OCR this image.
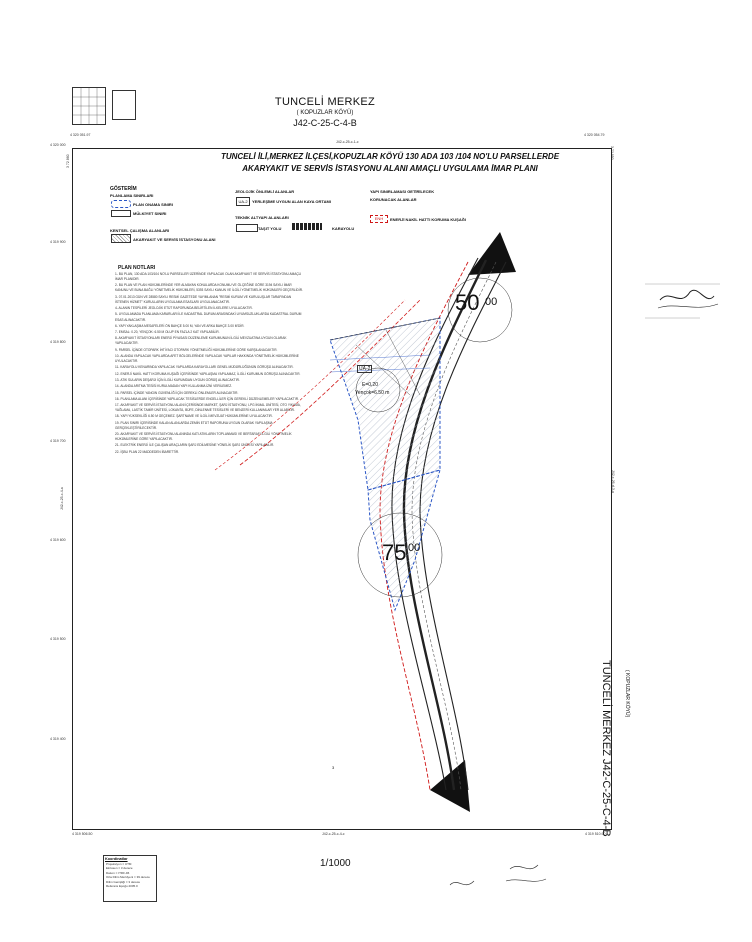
TUNCELİ MERKEZ
( KOPUZLAR KÖYÜ)
J42-C-25-C-4-B
4 320 051.97	4 320 054.79
J42-c-25-c-1-c
4 319 506.50	4 319 510.90
J42-c-25-c-4-c
J42-c-25-c-4-a
J42-c-26-d-3-a
4 320 000
4 319 900
4 319 800
4 319 700
4 319 600
4 319 500
4 319 400
3 72 860
3 72 950
TUNCELİ İLİ,MERKEZ İLÇESİ,KOPUZLAR KÖYÜ 130 ADA 103 /104 NO'LU PARSELLERDE
AKARYAKIT VE SERVİS İSTASYONU ALANI AMAÇLI UYGULAMA İMAR PLANI
GÖSTERİM
PLANLAMA SINIRLARI
PLAN ONAMA SINIRI
MÜLKİYET SINIRI
KENTSEL ÇALIŞMA ALANLARI
AKARYAKIT VE SERVİS İSTASYONU ALANI
JEOLOJİK ÖNLEMLİ ALANLAR
UA-2	YERLEŞİME UYGUN ALAN KAYA ORTAMI
TEKNİK ALTYAPI ALANLARI
TAŞIT YOLU	KARAYOLU
YAPI SINIRLAMASI GETİRİLECEK
KORUNACAK ALANLAR
ENH	ENERJİ NAKİL HATTI KORUMA KUŞAĞI
PLAN NOTLARI

1- BU PLAN, 130 ADA 103/104 NO'LU PARSELLER ÜZERİNDE YAPILACAK OLAN AKARYAKIT VE SERVİS İSTASYONU AMAÇLI İMAR PLANIDIR.

2- BU PLAN VE PLAN HÜKÜMLERİNDE YER ALMAYAN KONULARDA KONUMU VE ÖLÇEĞİNE GÖRE 3194 SAYILI İMAR KANUNU VE BUNA BAĞLI YÖNETMELİK HÜKÜMLERİ, 5393 SAYILI KANUN VE İLGİLİ YÖNETMELİK HÜKÜMLERİ GEÇERLİDİR.

3- 07.01.2013 GÜN VE 28580 SAYILI RESMİ GAZETEDE YAYIMLANAN "RESMİ KURUM VE KURULUŞLAR TARAFINDAN İSTENEN HİZMET" KURULLARIN UYGULAMA ESASLARI UYGULANACAKTIR.

4- ALANIN TESPİLERİ JEOLOJİK ETÜT RAPORUNDA BELİRTİLEN İLKELERE UYULACAKTIR.

5- UYGULAMADA PLANLAMA KARARLARI İLE KADASTRAL DURUM ARASINDAKİ UYUMSUZLUKLARDA KADASTRAL DURUM ESAS ALINACAKTIR.

6- YAPI YAKLAŞMA MESAFELERİ ÖN BAHÇE 5.00 M, YAN VE ARKA BAHÇE 3.00 M'DİR.

7- EMSAL: 0.20, YENÇOK: 6.50 M OLUP EN FAZLA 2 KAT YAPILABİLİR.

8- AKARYAKIT İSTASYONLARI ENERJİ PİYASASI DÜZENLEME KURUMUNUN İLGİLİ MEVZUATINA UYGUN OLARAK YAPILACAKTIR.

9- PARSEL İÇİNDE OTOPARK İHTİYACI OTOPARK YÖNETMELİĞİ HÜKÜMLERİNE GÖRE KARŞILANACAKTIR.

10- ALANDA YAPILACAK YAPILARDA AFET BÖLGELERİNDE YAPILACAK YAPILAR HAKKINDA YÖNETMELİK HÜKÜMLERİNE UYULACAKTIR.

11- KARAYOLU KENARINDA YAPILACAK YAPILARDA KARAYOLLARI GENEL MÜDÜRLÜĞÜNÜN GÖRÜŞÜ ALINACAKTIR.

12- ENERJİ NAKİL HATTI KORUMA KUŞAĞI İÇERİSİNDE YAPILAŞMA YAPILAMAZ, İLGİLİ KURUMUN GÖRÜŞÜ ALINACAKTIR.

13- ATIK SULARIN DEŞARJI İÇİN İLGİLİ KURUMDAN UYGUN GÖRÜŞ ALINACAKTIR.

14- ALANDA ARITMA TESİSİ KURULMADAN YAPI KULLANMA İZNİ VERİLEMEZ.

15- PARSEL İÇİNDE YANGIN GÜVENLİĞİ İÇİN GEREKLİ ÖNLEMLER ALINACAKTIR.

16- PLANLAMA ALANI İÇERİSİNDE YAPILACAK TESİSLERDE ENGELLİLER İÇİN GEREKLİ DÜZENLEMELER YAPILACAKTIR.

17- AKARYAKIT VE SERVİS İSTASYONU ALANI İÇERİSİNDE MARKET, ŞARJ İSTASYONU, LPG İKMAL ÜNİTESİ, OTO YIKAMA, YAĞLAMA, LASTİK TAMİR ÜNİTESİ, LOKANTA, BÜFE, DİNLENME TESİSLERİ VE BENZERİ KULLANIMLAR YER ALABİLİR.

18- YAPI YÜKSEKLİĞİ 6.50 M GEÇEMEZ. ŞARTNAME VE İLGİLİ MEVZUAT HÜKÜMLERİNE UYULACAKTIR.

19- PLAN SINIRI İÇERİSİNDE KALAN ALANLARDA ZEMİN ETÜT RAPORUNA UYGUN OLARAK YAPILAŞMA GERÇEKLEŞTİRİLECEKTİR.

20- AKARYAKIT VE SERVİS İSTASYONU ALANINDA KATI ATIKLARIN TOPLANMASI VE BERTARAFI İLGİLİ YÖNETMELİK HÜKÜMLERİNE GÖRE YAPILACAKTIR.

21- ELEKTRİK ENERJİ İLE ÇALIŞAN ARAÇLARIN ŞARJ EDİLMESİNE YÖNELİK ŞARJ ÜNİTESİ YAPILABİLİR.

22- İŞBU PLAN 22 MADDEDEN İBARETTİR.

50 00
75 00
UA-2
E=0,20
Yençok=6.50 m
3
TUNCELİ MERKEZ J42-C-25-C-4-B
( KOPUZLAR KÖYÜ)
1/1000
Koordinatlar
Projeksiyon = UTM
Ekzosen = 3 derece
Datum = ITRF-96
Orta Dilim Meridyeni = 39 derece
Dilim Genişliği = 3 derece
Referans Epoğu 2005.0
